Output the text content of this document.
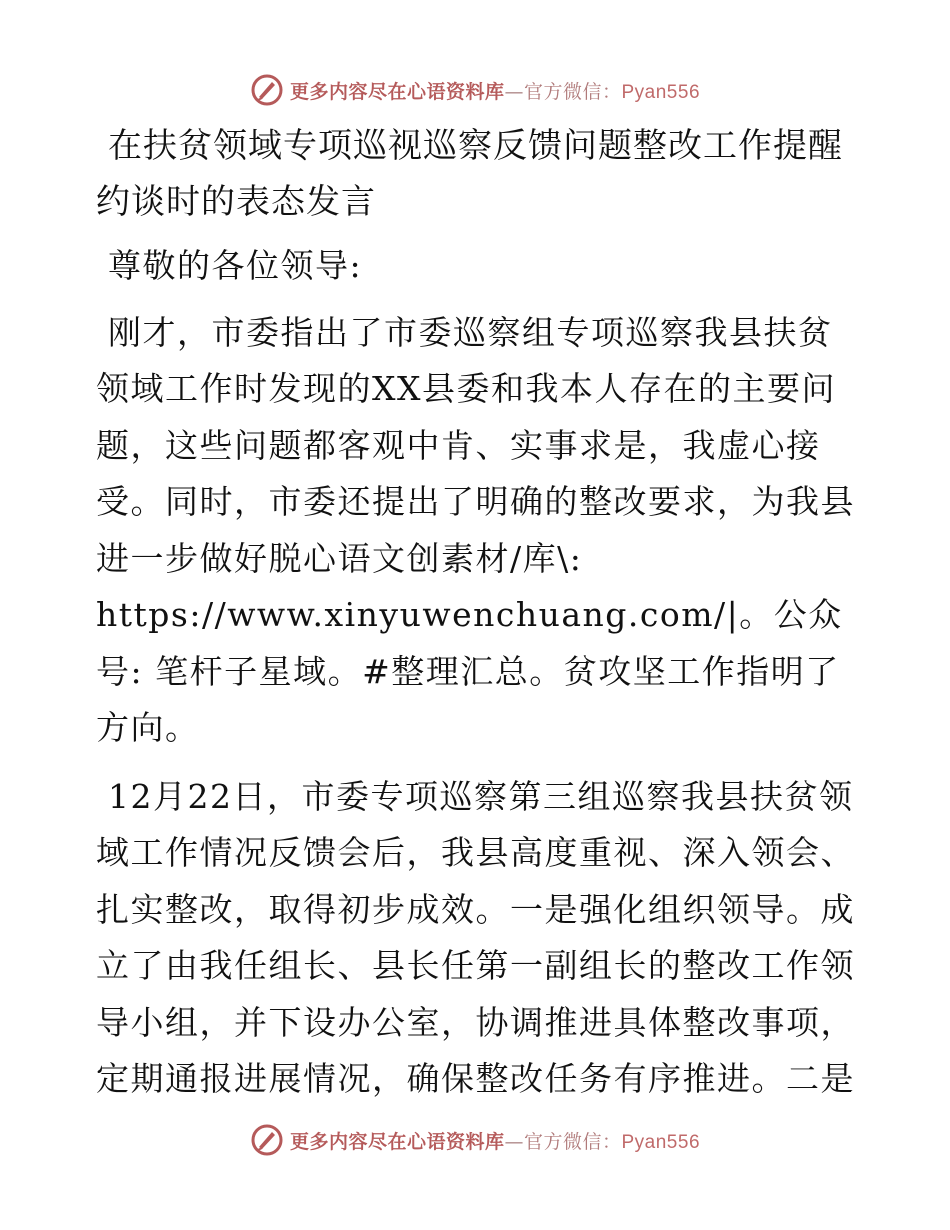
更多内容尽在心语资料库—官方微信：Pyan556
在扶贫领域专项巡视巡察反馈问题整改工作提醒约谈时的表态发言

尊敬的各位领导:

刚才，市委指出了市委巡察组专项巡察我县扶贫领域工作时发现的XX县委和我本人存在的主要问题，这些问题都客观中肯、实事求是，我虚心接受。同时，市委还提出了明确的整改要求，为我县进一步做好脱心语文创素材/库\: https://www.xinyuwenchuang.com/|。公众号: 笔杆子星域。#整理汇总。贫攻坚工作指明了方向。

12月22日，市委专项巡察第三组巡察我县扶贫领域工作情况反馈会后，我县高度重视、深入领会、扎实整改，取得初步成效。一是强化组织领导。成立了由我任组长、县长任第一副组长的整改工作领导小组，并下设办公室，协调推进具体整改事项，定期通报进展情况，确保整改任务有序推进。二是

更多内容尽在心语资料库—官方微信：Pyan556
